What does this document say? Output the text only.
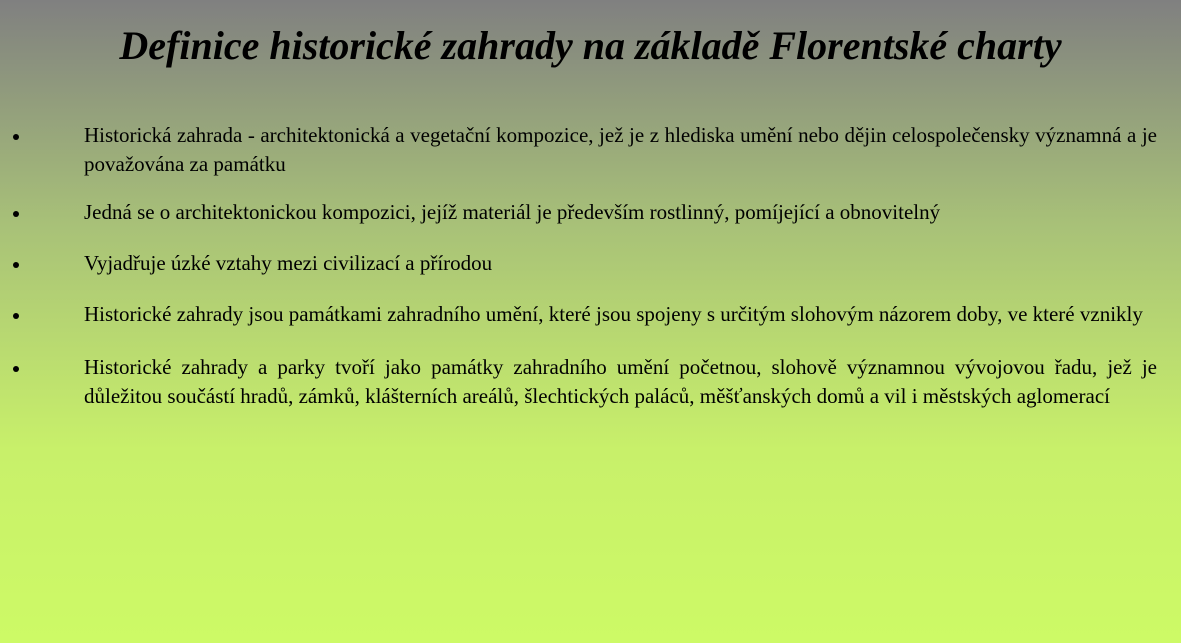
Definice historické zahrady na základě Florentské charty
Historická zahrada - architektonická a vegetační kompozice, jež je z hlediska umění nebo dějin celospolečensky významná a je považována za památku
Jedná se o architektonickou kompozici, jejíž materiál je především rostlinný, pomíjející a obnovitelný
Vyjadřuje úzké vztahy mezi civilizací a přírodou
Historické zahrady jsou památkami zahradního umění, které jsou spojeny s určitým slohovým názorem doby, ve které vznikly
Historické zahrady a parky tvoří jako památky zahradního umění početnou, slohově významnou vývojovou řadu, jež je důležitou součástí hradů, zámků, klášterních areálů, šlechtických paláců, měšťanských domů a vil i městských aglomerací
